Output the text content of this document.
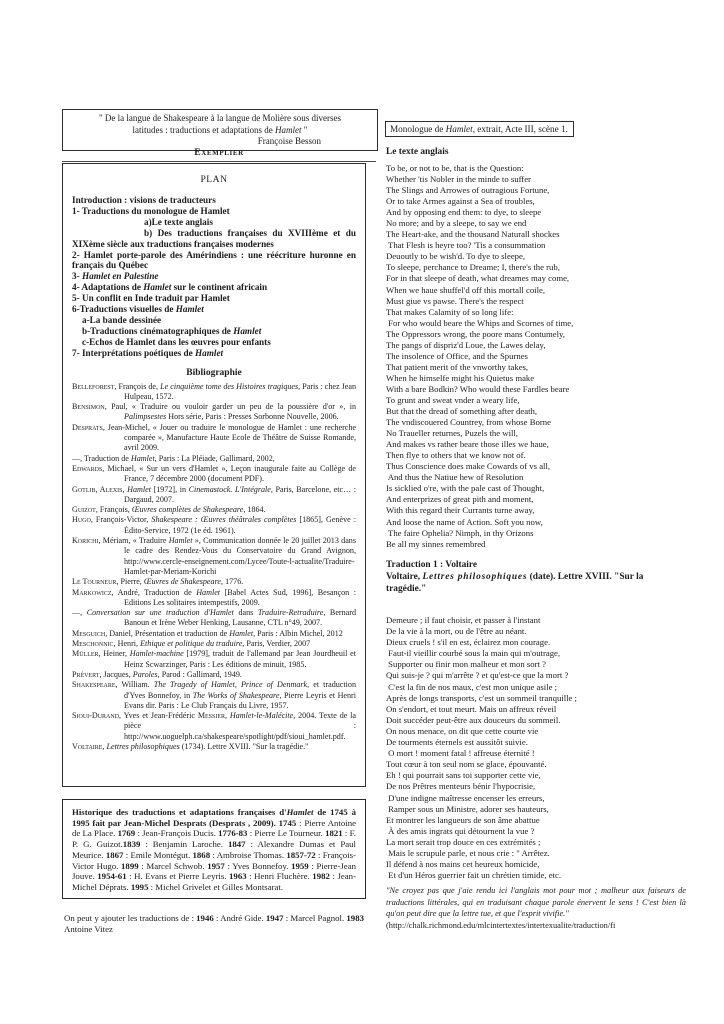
" De la langue de Shakespeare à la langue de Molière sous diverses
latitudes : traductions et adaptations de Hamlet "
Françoise Besson
Exemplier
PLAN
Introduction : visions de traducteurs
1- Traductions du monologue de Hamlet
a)Le texte anglais
b) Des traductions françaises du XVIIIème et du XIXème siècle aux traductions françaises modernes
2- Hamlet porte-parole des Amérindiens : une réécriture huronne en français du Québec
3- Hamlet en Palestine
4- Adaptations de Hamlet sur le continent africain
5- Un conflit en Inde traduit par Hamlet
6-Traductions visuelles de Hamlet
a-La bande dessinée
b-Traductions cinématographiques de Hamlet
c-Echos de Hamlet dans les œuvres pour enfants
7- Interprétations poétiques de Hamlet
Bibliographie
Belleforest, François de, Le cinquième tome des Histoires tragiques, Paris : chez Jean Hulpeau, 1572.
Bensimon, Paul, « Traduire ou vouloir garder un peu de la poussière d'or », in Palimpsestes Hors série, Paris : Presses Sorbonne Nouvelle, 2006.
Desprats, Jean-Michel, « Jouer ou traduire le monologue de Hamlet : une recherche comparée », Manufacture Haute Ecole de Théâtre de Suisse Romande, avril 2009.
—, Traduction de Hamlet, Paris : La Pléiade, Gallimard, 2002,
Edwards, Michael, « Sur un vers d'Hamlet », Leçon inaugurale faite au Collège de France, 7 décembre 2000 (document PDF).
Gotlib, Alexis, Hamlet [1972], in Cinemastock. L'Intégrale, Paris, Barcelone, etc… : Dargaud, 2007.
Guizot, François, Œuvres complètes de Shakespeare, 1864.
Hugo, François-Victor, Shakespeare : Œuvres théâtrales complètes [1865], Genève : Édito-Service, 1972 (1e éd. 1961).
Korichi, Mériam, « Traduire Hamlet », Communication donnée le 20 juillet 2013 dans le cadre des Rendez-Vous du Conservatoire du Grand Avignon, http://www.cercle-enseignement.com/Lycee/Toute-l-actualite/Traduire-Hamlet-par-Meriam-Korichi
Le Tourneur, Pierre, Œuvres de Shakespeare, 1776.
Markowicz, André, Traduction de Hamlet [Babel Actes Sud, 1996], Besançon : Editions Les solitaires intempestifs, 2009.
—, Conversation sur une traduction d'Hamlet dans Traduire-Retraduire, Bernard Banoun et Irène Weber Henking, Lausanne, CTL n°49, 2007.
Mesguich, Daniel, Présentation et traduction de Hamlet, Paris : Albin Michel, 2012
Meschonnic, Henri, Ethique et politique du traduire, Paris, Verdier, 2007
Müller, Heiner, Hamlet-machine [1979], traduit de l'allemand par Jean Jourdheuil et Heinz Scwarzinger, Paris : Les éditions de minuit, 1985.
Prévert, Jacques, Paroles, Parod : Gallimard, 1949.
Shakespeare, William. The Tragedy of Hamlet, Prince of Denmark, et traduction d'Yves Bonnefoy, in The Works of Shakespeare, Pierre Leyris et Henri Evans dir. Paris : Le Club Français du Livre, 1957.
Sioui-Durand, Yves et Jean-Frédéric Messier, Hamlet-le-Malécite, 2004. Texte de la pièce : http://www.uoguelph.ca/shakespeare/spotlight/pdf/sioui_hamlet.pdf.
Voltaire, Lettres philosophiques (1734). Lettre XVIII. "Sur la tragédie."
Historique des traductions et adaptations françaises d'Hamlet de 1745 à 1995 fait par Jean-Michel Desprats (Desprats , 2009). 1745 : Pierre Antoine de La Place. 1769 : Jean-François Ducis. 1776-83 : Pierre Le Tourneur. 1821 : F. P. G. Guizot.1839 : Benjamin Laroche. 1847 : Alexandre Dumas et Paul Meurice. 1867 : Emile Montégut. 1868 : Ambroise Thomas. 1857-72 : François-Victor Hugo. 1899 : Marcel Schwob. 1957 : Yves Bonnefoy. 1959 : Pierre-Jean Jouve. 1954-61 : H. Evans et Pierre Leyris. 1963 : Henri Fluchère. 1982 : Jean-Michel Déprats. 1995 : Michel Grivelet et Gilles Montsarat.
On peut y ajouter les traductions de : 1946 : André Gide. 1947 : Marcel Pagnol. 1983 Antoine Vitez
Monologue de Hamlet, extrait, Acte III, scène 1.
Le texte anglais
To be, or not to be, that is the Question:
Whether 'tis Nobler in the minde to suffer
The Slings and Arrowes of outragious Fortune,
Or to take Armes against a Sea of troubles,
And by opposing end them: to dye, to sleepe
No more; and by a sleepe, to say we end
The Heart-ake, and the thousand Naturall shockes
That Flesh is heyre too? 'Tis a consummation
Deuoutly to be wish'd. To dye to sleepe,
To sleepe, perchance to Dreame; I, there's the rub,
For in that sleepe of death, what dreames may come,
When we haue shuffel'd off this mortall coile,
Must giue vs pawse. There's the respect
That makes Calamity of so long life:
For who would beare the Whips and Scornes of time,
The Oppressors wrong, the poore mans Contumely,
The pangs of dispriz'd Loue, the Lawes delay,
The insolence of Office, and the Spurnes
That patient merit of the vnworthy takes,
When he himselfe might his Quietus make
With a bare Bodkin? Who would these Fardles beare
To grunt and sweat vnder a weary life,
But that the dread of something after death,
The vndiscouered Countrey, from whose Borne
No Traueller returnes, Puzels the will,
And makes vs rather beare those illes we haue,
Then flye to others that we know not of.
Thus Conscience does make Cowards of vs all,
And thus the Natiue hew of Resolution
Is sicklied o're, with the pale cast of Thought,
And enterprizes of great pith and moment,
With this regard their Currants turne away,
And loose the name of Action. Soft you now,
The faire Ophelia? Nimph, in thy Orizons
Be all my sinnes remembred
Traduction 1 : Voltaire
Voltaire, Lettres philosophiques (date). Lettre XVIII. "Sur la tragédie."
Demeure ; il faut choisir, et passer à l'instant
De la vie à la mort, ou de l'être au néant.
Dieux cruels ! s'il en est, éclairez mon courage.
Faut-il vieillir courbé sous la main qui m'outrage,
Supporter ou finir mon malheur et mon sort ?
Qui suis-je ? qui m'arrête ? et qu'est-ce que la mort ?
C'est la fin de nos maux, c'est mon unique asile ;
Après de longs transports, c'est un sommeil tranquille ;
On s'endort, et tout meurt. Mais un affreux réveil
Doit succéder peut-être aux douceurs du sommeil.
On nous menace, on dit que cette courte vie
De tourments éternels est aussitôt suivie.
O mort ! moment fatal ! affreuse éternité !
Tout cœur à ton seul nom se glace, épouvanté.
Eh ! qui pourrait sans toi supporter cette vie,
De nos Prêtres menteurs bénir l'hypocrisie,
D'une indigne maîtresse encenser les erreurs,
Ramper sous un Ministre, adorer ses hauteurs,
Et montrer les langueurs de son âme abattue
À des amis ingrats qui détournent la vue ?
La mort serait trop douce en ces extrémités ;
Mais le scrupule parle, et nous crie : " Arrêtez.
Il défend à nos mains cet heureux homicide,
Et d'un Héros guerrier fait un chrétien timide, etc.
"Ne croyez pas que j'aie rendu ici l'anglais mot pour mot ; malheur aux faiseurs de traductions littérales, qui en traduisant chaque parole énervent le sens ! C'est bien là qu'on peut dire que la lettre tue, et que l'esprit vivifie."
(http://chalk.richmond.edu/mlcintertextes/intertexualite/traduction/fi
